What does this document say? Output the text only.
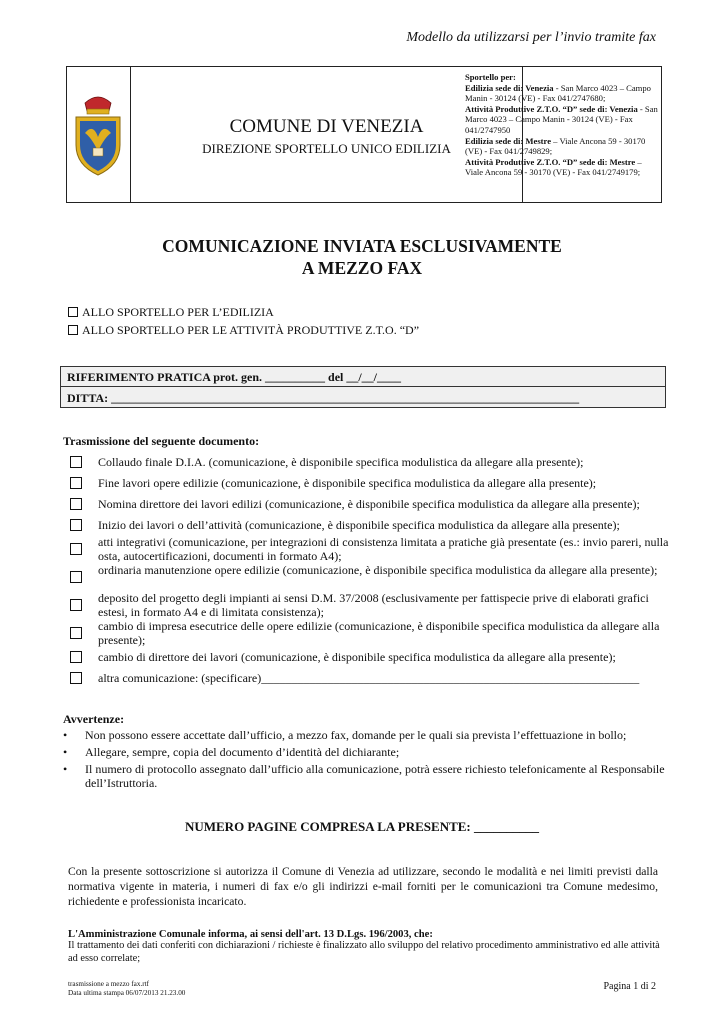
Modello da utilizzarsi per l’invio tramite fax
COMUNE DI VENEZIA
DIREZIONE SPORTELLO UNICO EDILIZIA
Sportello per:
Edilizia sede di: Venezia - San Marco 4023 – Campo Manin - 30124 (VE) - Fax 041/2747680;
Attività Produttive Z.T.O. “D” sede di: Venezia - San Marco 4023 – Campo Manin - 30124 (VE) - Fax 041/2747950
Edilizia sede di: Mestre – Viale Ancona 59 - 30170 (VE) - Fax 041/2749829;
Attività Produttive Z.T.O. “D” sede di: Mestre – Viale Ancona 59 - 30170 (VE) - Fax 041/2749179;
COMUNICAZIONE INVIATA ESCLUSIVAMENTE
A MEZZO FAX
ALLO SPORTELLO PER L’EDILIZIA
ALLO SPORTELLO PER LE ATTIVITÀ PRODUTTIVE Z.T.O. “D”
RIFERIMENTO PRATICA prot. gen. __________ del __/__/____
DITTA: ______________________________________________________________________________
Trasmissione del seguente documento:
Collaudo finale D.I.A. (comunicazione, è disponibile specifica modulistica da allegare alla presente);
Fine lavori opere edilizie (comunicazione, è disponibile specifica modulistica da allegare alla presente);
Nomina direttore dei lavori edilizi (comunicazione, è disponibile specifica modulistica da allegare alla presente);
Inizio dei lavori o dell’attività (comunicazione, è disponibile specifica modulistica da allegare alla presente);
atti integrativi (comunicazione, per integrazioni di consistenza limitata a pratiche già presentate (es.: invio pareri, nulla osta, autocertificazioni, documenti in formato A4);
ordinaria manutenzione opere edilizie (comunicazione, è disponibile specifica modulistica da allegare alla presente);
deposito del progetto degli impianti ai sensi D.M. 37/2008 (esclusivamente per fattispecie prive di elaborati grafici estesi, in formato A4 e di limitata consistenza);
cambio di impresa esecutrice delle opere edilizie (comunicazione, è disponibile specifica modulistica da allegare alla presente);
cambio di direttore dei lavori (comunicazione, è disponibile specifica modulistica da allegare alla presente);
altra comunicazione: (specificare)_______________________________________________________________
Avvertenze:
• Non possono essere accettate dall’ufficio, a mezzo fax, domande per le quali sia prevista l’effettuazione in bollo;
• Allegare, sempre, copia del documento d’identità del dichiarante;
• Il numero di protocollo assegnato dall’ufficio alla comunicazione, potrà essere richiesto telefonicamente al Responsabile dell’Istruttoria.
NUMERO PAGINE COMPRESA LA PRESENTE: __________
Con la presente sottoscrizione si autorizza il Comune di Venezia ad utilizzare, secondo le modalità e nei limiti previsti dalla normativa vigente in materia, i numeri di fax e/o gli indirizzi e-mail forniti per le comunicazioni tra Comune medesimo, richiedente e professionista incaricato.
L'Amministrazione Comunale informa, ai sensi dell'art. 13 D.Lgs. 196/2003, che:
Il trattamento dei dati conferiti con dichiarazioni / richieste è finalizzato allo sviluppo del relativo procedimento amministrativo ed alle attività ad esso correlate;
trasmissione a mezzo fax.rtf
Data ultima stampa 06/07/2013 21.23.00
Pagina 1 di 2
